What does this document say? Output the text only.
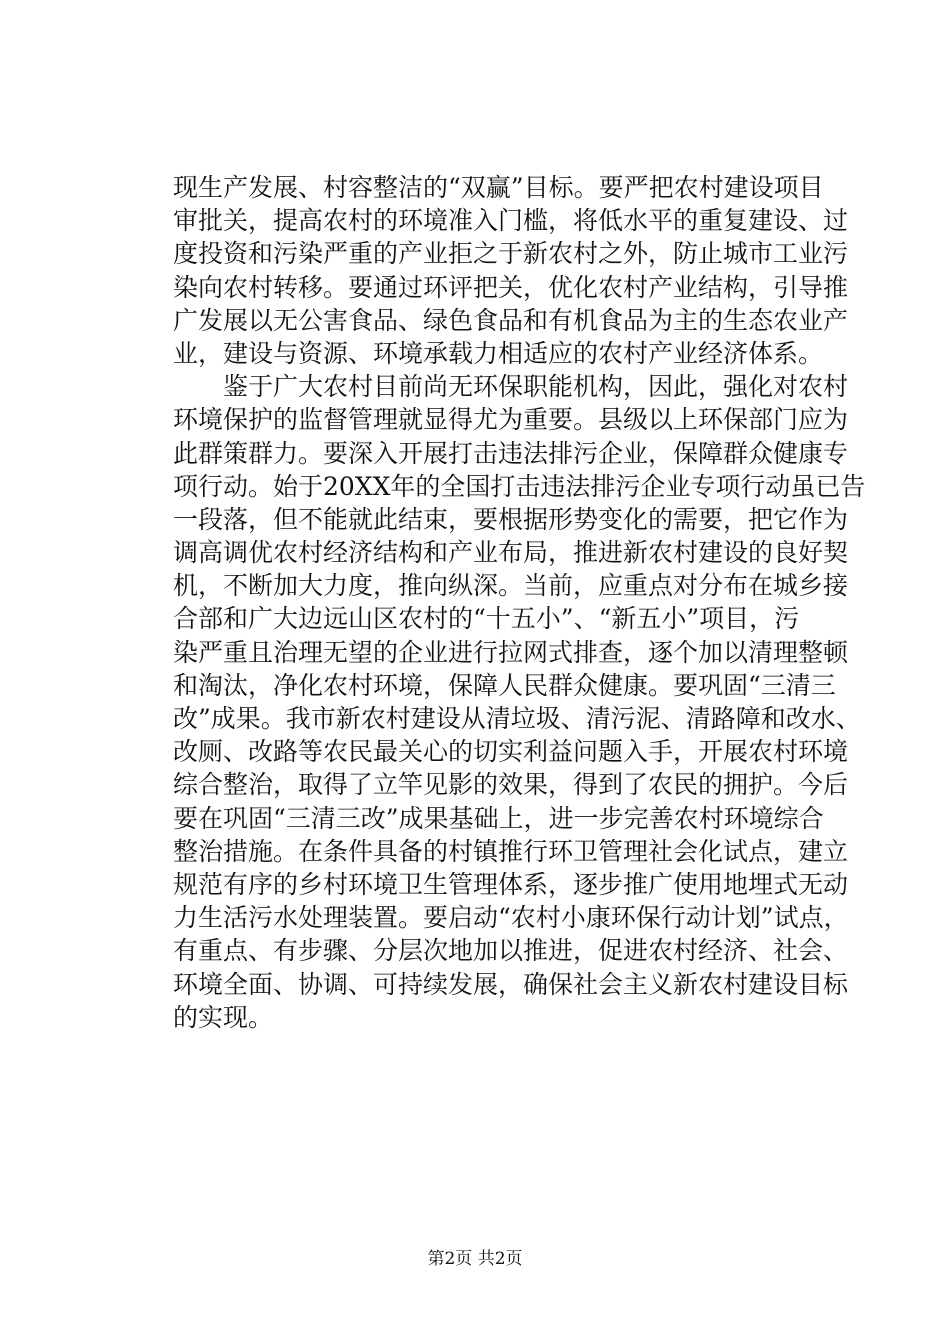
现生产发展、村容整洁的“双赢”目标。要严把农村建设项目
审批关，提高农村的环境准入门槛，将低水平的重复建设、过
度投资和污染严重的产业拒之于新农村之外，防止城市工业污
染向农村转移。要通过环评把关，优化农村产业结构，引导推
广发展以无公害食品、绿色食品和有机食品为主的生态农业产
业，建设与资源、环境承载力相适应的农村产业经济体系。
　　鉴于广大农村目前尚无环保职能机构，因此，强化对农村
环境保护的监督管理就显得尤为重要。县级以上环保部门应为
此群策群力。要深入开展打击违法排污企业，保障群众健康专
项行动。始于20XX年的全国打击违法排污企业专项行动虽已告
一段落，但不能就此结束，要根据形势变化的需要，把它作为
调高调优农村经济结构和产业布局，推进新农村建设的良好契
机，不断加大力度，推向纵深。当前，应重点对分布在城乡接
合部和广大边远山区农村的“十五小”、“新五小”项目，污
染严重且治理无望的企业进行拉网式排查，逐个加以清理整顿
和淘汰，净化农村环境，保障人民群众健康。要巩固“三清三
改”成果。我市新农村建设从清垃圾、清污泥、清路障和改水、
改厕、改路等农民最关心的切实利益问题入手，开展农村环境
综合整治，取得了立竿见影的效果，得到了农民的拥护。今后
要在巩固“三清三改”成果基础上，进一步完善农村环境综合
整治措施。在条件具备的村镇推行环卫管理社会化试点，建立
规范有序的乡村环境卫生管理体系，逐步推广使用地埋式无动
力生活污水处理装置。要启动“农村小康环保行动计划”试点，
有重点、有步骤、分层次地加以推进，促进农村经济、社会、
环境全面、协调、可持续发展，确保社会主义新农村建设目标
的实现。
第2页 共2页
